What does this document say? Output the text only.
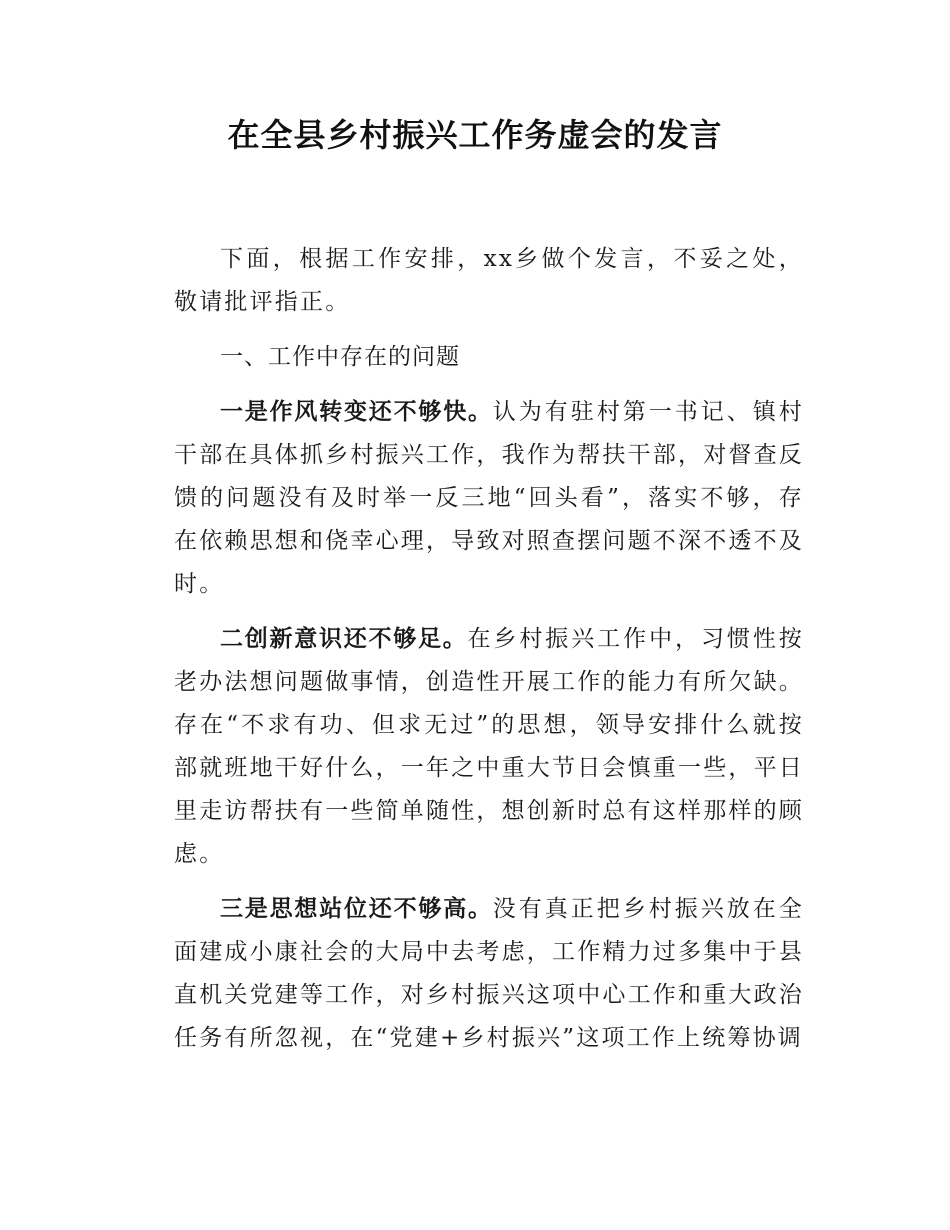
在全县乡村振兴工作务虚会的发言

下面，根据工作安排，xx乡做个发言，不妥之处，敬请批评指正。

一、工作中存在的问题

一是作风转变还不够快。认为有驻村第一书记、镇村干部在具体抓乡村振兴工作，我作为帮扶干部，对督查反馈的问题没有及时举一反三地“回头看”，落实不够，存在依赖思想和侥幸心理，导致对照查摆问题不深不透不及时。

二创新意识还不够足。在乡村振兴工作中，习惯性按老办法想问题做事情，创造性开展工作的能力有所欠缺。存在“不求有功、但求无过”的思想，领导安排什么就按部就班地干好什么，一年之中重大节日会慎重一些，平日里走访帮扶有一些简单随性，想创新时总有这样那样的顾虑。

三是思想站位还不够高。没有真正把乡村振兴放在全面建成小康社会的大局中去考虑，工作精力过多集中于县直机关党建等工作，对乡村振兴这项中心工作和重大政治任务有所忽视，在“党建+乡村振兴”这项工作上统筹协调
